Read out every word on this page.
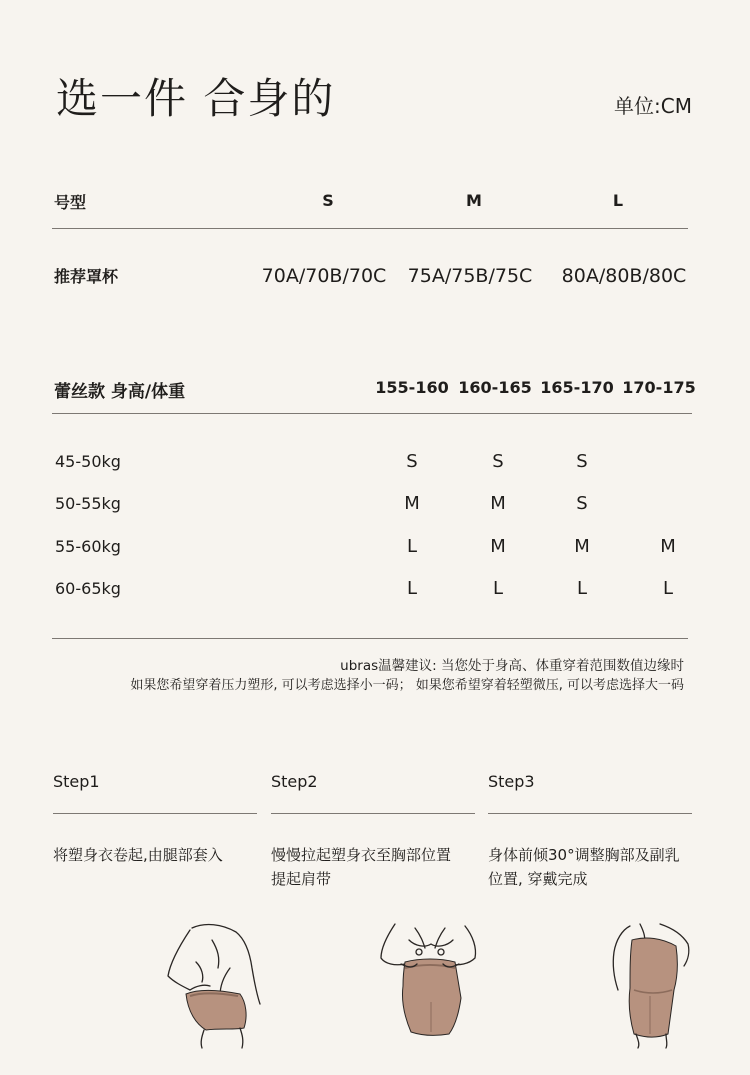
选一件 合身的	单位:CM
号型	S	M	L
推荐罩杯	70A/70B/70C 75A/75B/75C 80A/80B/80C
蕾丝款 身高/体重	155-160 160-165 165-170 170-175
45-50kg	S	S	S
50-55kg	M	M	S
55-60kg	L	M	M	M
60-65kg	L	L	L	L
ubras温馨建议: 当您处于身高、体重穿着范围数值边缘时
如果您希望穿着压力塑形, 可以考虑选择小一码； 如果您希望穿着轻塑微压, 可以考虑选择大一码
Step1	Step2	Step3
将塑身衣卷起,由腿部套入	慢慢拉起塑身衣至胸部位置
提起肩带
身体前倾30°调整胸部及副乳
位置, 穿戴完成
